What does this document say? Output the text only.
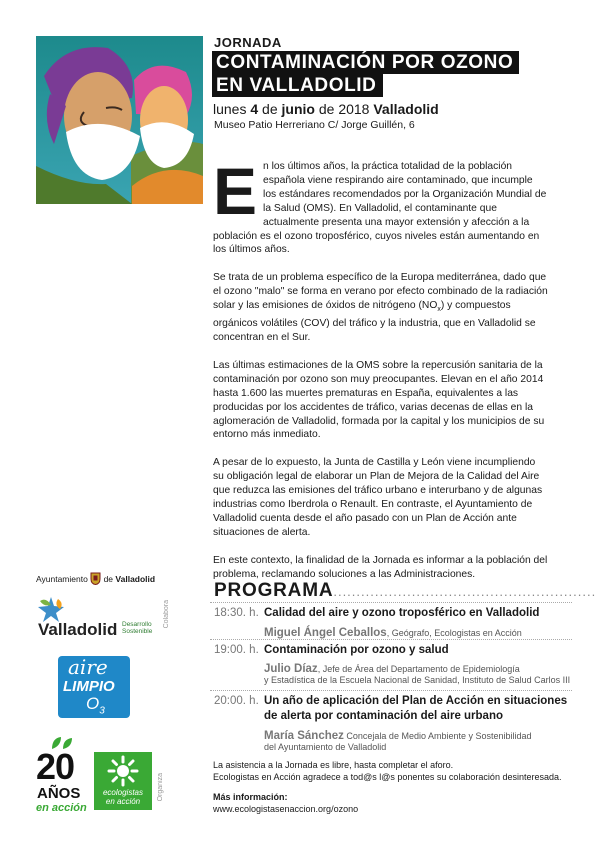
JORNADA
CONTAMINACIÓN POR OZONO
EN VALLADOLID
lunes 4 de junio de 2018 Valladolid
Museo Patio Herreriano C/ Jorge Guillén, 6

En los últimos años, la práctica totalidad de la población española viene respirando aire contaminado, que incumple los estándares recomendados por la Organización Mundial de la Salud (OMS). En Valladolid, el contaminante que actualmente presenta una mayor extensión y afección a la población es el ozono troposférico, cuyos niveles están aumentando en los últimos años.

Se trata de un problema específico de la Europa mediterránea, dado que el ozono "malo" se forma en verano por efecto combinado de la radiación solar y las emisiones de óxidos de nitrógeno $(NO_x)$ y compuestos orgánicos volátiles (COV) del tráfico y la industria, que en Valladolid se concentran en el Sur.

Las últimas estimaciones de la OMS sobre la repercusión sanitaria de la contaminación por ozono son muy preocupantes. Elevan en el año 2014 hasta 1.600 las muertes prematuras en España, equivalentes a las producidas por los accidentes de tráfico, varias decenas de ellas en la aglomeración de Valladolid, formada por la capital y los municipios de su entorno más inmediato.

A pesar de lo expuesto, la Junta de Castilla y León viene incumpliendo su obligación legal de elaborar un Plan de Mejora de la Calidad del Aire que reduzca las emisiones del tráfico urbano e interurbano y de algunas industrias como Iberdrola o Renault. En contraste, el Ayuntamiento de Valladolid cuenta desde el año pasado con un Plan de Acción ante situaciones de alerta.

En este contexto, la finalidad de la Jornada es informar a la población del problema, reclamando soluciones a las Administraciones.

Ayuntamiento de Valladolid
Valladolid Desarrollo
Sostenible
Colabora
aire
LIMPIO
$O_3$
20
AÑOS
en acción
ecologistas
en acción
Organiza
PROGRAMA.........................................................
18:30. h. Calidad del aire y ozono troposférico en Valladolid
Miguel Ángel Ceballos, Geógrafo, Ecologistas en Acción
19:00. h. Contaminación por ozono y salud
Julio Díaz, Jefe de Área del Departamento de Epidemiología
y Estadística de la Escuela Nacional de Sanidad, Instituto de Salud Carlos III
20:00. h. Un año de aplicación del Plan de Acción en situaciones
de alerta por contaminación del aire urbano
María Sánchez Concejala de Medio Ambiente y Sostenibilidad
del Ayuntamiento de Valladolid
La asistencia a la Jornada es libre, hasta completar el aforo.
Ecologistas en Acción agradece a tod@s l@s ponentes su colaboración desinteresada.
Más información:
www.ecologistasenaccion.org/ozono
